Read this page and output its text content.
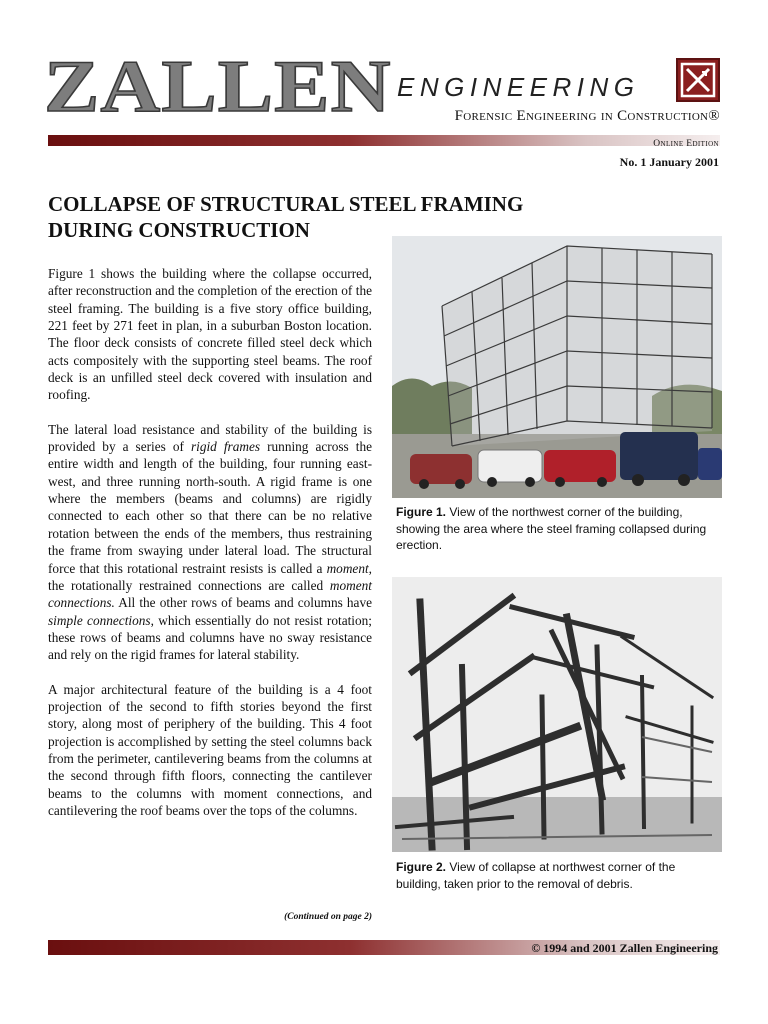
ZALLEN ENGINEERING
Forensic Engineering in Construction®
Online Edition
No. 1 January 2001
COLLAPSE OF STRUCTURAL STEEL FRAMING
DURING CONSTRUCTION

Figure 1 shows the building where the collapse occurred, after reconstruction and the completion of the erection of the steel framing. The building is a five story office building, 221 feet by 271 feet in plan, in a suburban Boston location. The floor deck consists of concrete filled steel deck which acts compositely with the supporting steel beams. The roof deck is an unfilled steel deck covered with insulation and roofing.

The lateral load resistance and stability of the building is provided by a series of rigid frames running across the entire width and length of the building, four running east-west, and three running north-south. A rigid frame is one where the members (beams and columns) are rigidly connected to each other so that there can be no relative rotation between the ends of the members, thus restraining the frame from swaying under lateral load. The structural force that this rotational restraint resists is called a moment, the rotationally restrained connections are called moment connections. All the other rows of beams and columns have simple connections, which essentially do not resist rotation; these rows of beams and columns have no sway resistance and rely on the rigid frames for lateral stability.

A major architectural feature of the building is a 4 foot projection of the second to fifth stories beyond the first story, along most of periphery of the building. This 4 foot projection is accomplished by setting the steel columns back from the perimeter, cantilevering beams from the columns at the second through fifth floors, connecting the cantilever beams to the columns with moment connections, and cantilevering the roof beams over the tops of the columns.

(Continued on page 2)
Figure 1. View of the northwest corner of the building, showing the area where the steel framing collapsed during erection.
Figure 2. View of collapse at northwest corner of the building, taken prior to the removal of debris.
© 1994 and 2001 Zallen Engineering
